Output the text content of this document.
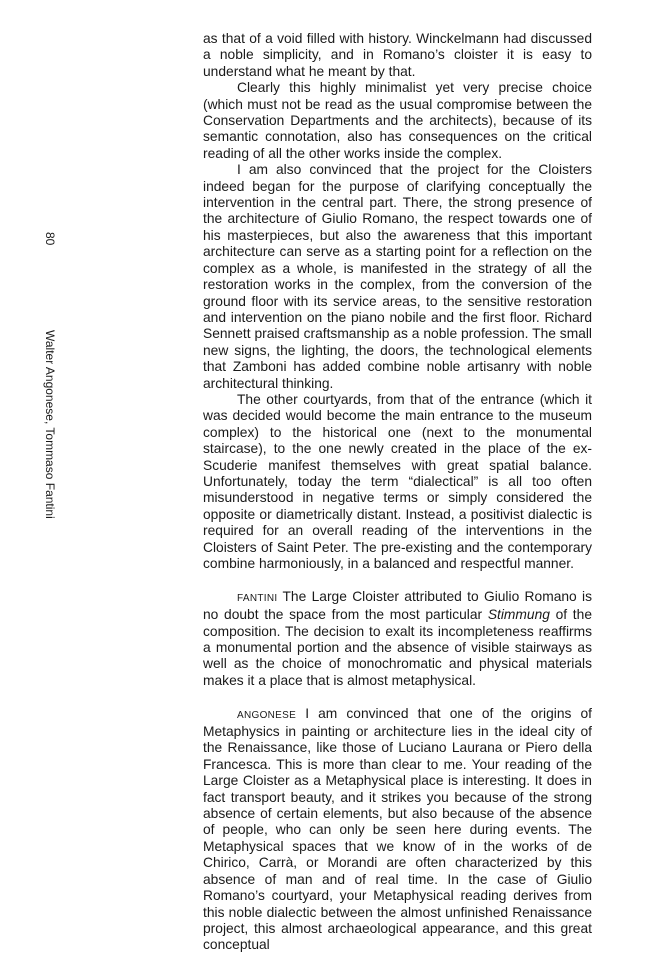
80
Walter Angonese, Tommaso Fantini

as that of a void filled with history. Winckelmann had discussed a noble simplicity, and in Romano’s cloister it is easy to understand what he meant by that.

Clearly this highly minimalist yet very precise choice (which must not be read as the usual compromise between the Conservation Departments and the architects), because of its semantic connotation, also has consequences on the critical reading of all the other works inside the complex.

I am also convinced that the project for the Cloisters indeed began for the purpose of clarifying conceptually the intervention in the central part. There, the strong presence of the architecture of Giulio Romano, the respect towards one of his masterpieces, but also the awareness that this important architecture can serve as a starting point for a reflection on the complex as a whole, is manifested in the strategy of all the restoration works in the complex, from the conversion of the ground floor with its service areas, to the sensitive restoration and intervention on the piano nobile and the first floor. Richard Sennett praised craftsmanship as a noble profession. The small new signs, the lighting, the doors, the technological elements that Zamboni has added combine noble artisanry with noble architectural thinking.

The other courtyards, from that of the entrance (which it was decided would become the main entrance to the museum complex) to the historical one (next to the monumental staircase), to the one newly created in the place of the ex-Scuderie manifest themselves with great spatial balance. Unfortunately, today the term “dialectical” is all too often misunderstood in negative terms or simply considered the opposite or diametrically distant. Instead, a positivist dialectic is required for an overall reading of the interventions in the Cloisters of Saint Peter. The pre-existing and the contemporary combine harmoniously, in a balanced and respectful manner.

FANTINI The Large Cloister attributed to Giulio Romano is no doubt the space from the most particular Stimmung of the composition. The decision to exalt its incompleteness reaffirms a monumental portion and the absence of visible stairways as well as the choice of monochromatic and physical materials makes it a place that is almost metaphysical.

ANGONESE I am convinced that one of the origins of Metaphysics in painting or architecture lies in the ideal city of the Renaissance, like those of Luciano Laurana or Piero della Francesca. This is more than clear to me. Your reading of the Large Cloister as a Metaphysical place is interesting. It does in fact transport beauty, and it strikes you because of the strong absence of certain elements, but also because of the absence of people, who can only be seen here during events. The Metaphysical spaces that we know of in the works of de Chirico, Carrà, or Morandi are often characterized by this absence of man and of real time. In the case of Giulio Romano’s courtyard, your Metaphysical reading derives from this noble dialectic between the almost unfinished Renaissance project, this almost archaeological appearance, and this great conceptual
